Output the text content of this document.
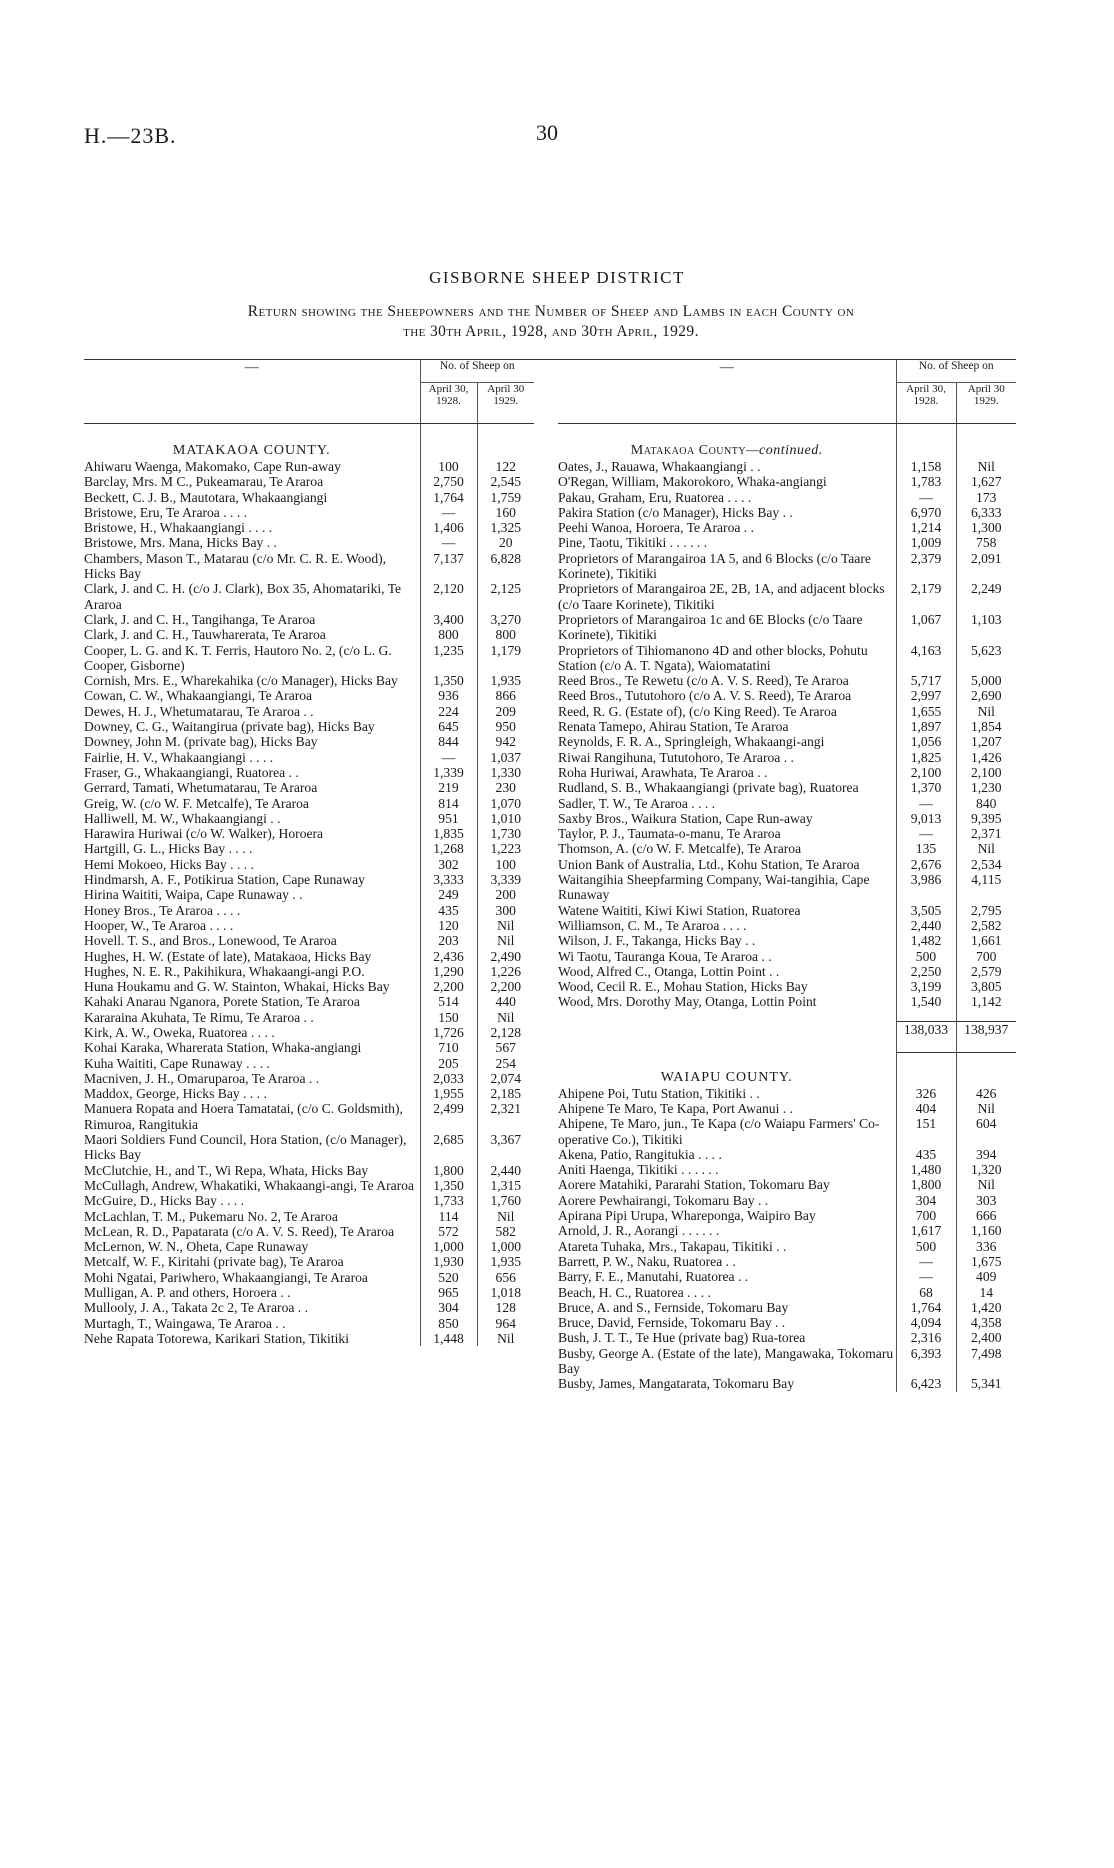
H.—23B.	30
GISBORNE SHEEP DISTRICT
Return showing the Sheepowners and the Number of Sheep and Lambs in each County on
the 30th April, 1928, and 30th April, 1929.
—	No. of Sheep on	
	April 30, 1928.	April 30 1929.
MATAKAOA COUNTY.		
Ahiwaru Waenga, Makomako, Cape Run-away	100	122
Barclay, Mrs. M C., Pukeamarau, Te Araroa	2,750	2,545
Beckett, C. J. B., Mautotara, Whakaangiangi	1,764	1,759
Bristowe, Eru, Te Araroa . . . .	—	160
Bristowe, H., Whakaangiangi . . . .	1,406	1,325
Bristowe, Mrs. Mana, Hicks Bay . .	—	20
Chambers, Mason T., Matarau (c/o Mr. C. R. E. Wood), Hicks Bay	7,137	6,828
Clark, J. and C. H. (c/o J. Clark), Box 35, Ahomatariki, Te Araroa	2,120	2,125
Clark, J. and C. H., Tangihanga, Te Araroa	3,400	3,270
Clark, J. and C. H., Tauwharerata, Te Araroa	800	800
Cooper, L. G. and K. T. Ferris, Hautoro No. 2, (c/o L. G. Cooper, Gisborne)	1,235	1,179
Cornish, Mrs. E., Wharekahika (c/o Manager), Hicks Bay	1,350	1,935
Cowan, C. W., Whakaangiangi, Te Araroa	936	866
Dewes, H. J., Whetumatarau, Te Araroa . .	224	209
Downey, C. G., Waitangirua (private bag), Hicks Bay	645	950
Downey, John M. (private bag), Hicks Bay	844	942
Fairlie, H. V., Whakaangiangi . . . .	—	1,037
Fraser, G., Whakaangiangi, Ruatorea . .	1,339	1,330
Gerrard, Tamati, Whetumatarau, Te Araroa	219	230
Greig, W. (c/o W. F. Metcalfe), Te Araroa	814	1,070
Halliwell, M. W., Whakaangiangi . .	951	1,010
Harawira Huriwai (c/o W. Walker), Horoera	1,835	1,730
Hartgill, G. L., Hicks Bay . . . .	1,268	1,223
Hemi Mokoeo, Hicks Bay . . . .	302	100
Hindmarsh, A. F., Potikirua Station, Cape Runaway	3,333	3,339
Hirina Waititi, Waipa, Cape Runaway . .	249	200
Honey Bros., Te Araroa . . . .	435	300
Hooper, W., Te Araroa . . . .	120	Nil
Hovell. T. S., and Bros., Lonewood, Te Araroa	203	Nil
Hughes, H. W. (Estate of late), Matakaoa, Hicks Bay	2,436	2,490
Hughes, N. E. R., Pakihikura, Whakaangi-angi P.O.	1,290	1,226
Huna Houkamu and G. W. Stainton, Whakai, Hicks Bay	2,200	2,200
Kahaki Anarau Nganora, Porete Station, Te Araroa	514	440
Kararaina Akuhata, Te Rimu, Te Araroa . .	150	Nil
Kirk, A. W., Oweka, Ruatorea . . . .	1,726	2,128
Kohai Karaka, Wharerata Station, Whaka-angiangi	710	567
Kuha Waititi, Cape Runaway . . . .	205	254
Macniven, J. H., Omaruparoa, Te Araroa . .	2,033	2,074
Maddox, George, Hicks Bay . . . .	1,955	2,185
Manuera Ropata and Hoera Tamatatai, (c/o C. Goldsmith), Rimuroa, Rangitukia	2,499	2,321
Maori Soldiers Fund Council, Hora Station, (c/o Manager), Hicks Bay	2,685	3,367
McClutchie, H., and T., Wi Repa, Whata, Hicks Bay	1,800	2,440
McCullagh, Andrew, Whakatiki, Whakaangi-angi, Te Araroa	1,350	1,315
McGuire, D., Hicks Bay . . . .	1,733	1,760
McLachlan, T. M., Pukemaru No. 2, Te Araroa	114	Nil
McLean, R. D., Papatarata (c/o A. V. S. Reed), Te Araroa	572	582
McLernon, W. N., Oheta, Cape Runaway	1,000	1,000
Metcalf, W. F., Kiritahi (private bag), Te Araroa	1,930	1,935
Mohi Ngatai, Pariwhero, Whakaangiangi, Te Araroa	520	656
Mulligan, A. P. and others, Horoera . .	965	1,018
Mullooly, J. A., Takata 2c 2, Te Araroa . .	304	128
Murtagh, T., Waingawa, Te Araroa . .	850	964
Nehe Rapata Totorewa, Karikari Station, Tikitiki	1,448	Nil
—	No. of Sheep on	
	April 30, 1928.	April 30 1929.
Matakaoa County—continued.		
Oates, J., Rauawa, Whakaangiangi . .	1,158	Nil
O'Regan, William, Makorokoro, Whaka-angiangi	1,783	1,627
Pakau, Graham, Eru, Ruatorea . . . .	—	173
Pakira Station (c/o Manager), Hicks Bay . .	6,970	6,333
Peehi Wanoa, Horoera, Te Araroa . .	1,214	1,300
Pine, Taotu, Tikitiki . . . . . .	1,009	758
Proprietors of Marangairoa 1A 5, and 6 Blocks (c/o Taare Korinete), Tikitiki	2,379	2,091
Proprietors of Marangairoa 2E, 2B, 1A, and adjacent blocks (c/o Taare Korinete), Tikitiki	2,179	2,249
Proprietors of Marangairoa 1c and 6E Blocks (c/o Taare Korinete), Tikitiki	1,067	1,103
Proprietors of Tihiomanono 4D and other blocks, Pohutu Station (c/o A. T. Ngata), Waiomatatini	4,163	5,623
Reed Bros., Te Rewetu (c/o A. V. S. Reed), Te Araroa	5,717	5,000
Reed Bros., Tututohoro (c/o A. V. S. Reed), Te Araroa	2,997	2,690
Reed, R. G. (Estate of), (c/o King Reed). Te Araroa	1,655	Nil
Renata Tamepo, Ahirau Station, Te Araroa	1,897	1,854
Reynolds, F. R. A., Springleigh, Whakaangi-angi	1,056	1,207
Riwai Rangihuna, Tututohoro, Te Araroa . .	1,825	1,426
Roha Huriwai, Arawhata, Te Araroa . .	2,100	2,100
Rudland, S. B., Whakaangiangi (private bag), Ruatorea	1,370	1,230
Sadler, T. W., Te Araroa . . . .	—	840
Saxby Bros., Waikura Station, Cape Run-away	9,013	9,395
Taylor, P. J., Taumata-o-manu, Te Araroa	—	2,371
Thomson, A. (c/o W. F. Metcalfe), Te Araroa	135	Nil
Union Bank of Australia, Ltd., Kohu Station, Te Araroa	2,676	2,534
Waitangihia Sheepfarming Company, Wai-tangihia, Cape Runaway	3,986	4,115
Watene Waititi, Kiwi Kiwi Station, Ruatorea	3,505	2,795
Williamson, C. M., Te Araroa . . . .	2,440	2,582
Wilson, J. F., Takanga, Hicks Bay . .	1,482	1,661
Wi Taotu, Tauranga Koua, Te Araroa . .	500	700
Wood, Alfred C., Otanga, Lottin Point . .	2,250	2,579
Wood, Cecil R. E., Mohau Station, Hicks Bay	3,199	3,805
Wood, Mrs. Dorothy May, Otanga, Lottin Point	1,540	1,142

	138,033	138,937
WAIAPU COUNTY.		
Ahipene Poi, Tutu Station, Tikitiki . .	326	426
Ahipene Te Maro, Te Kapa, Port Awanui . .	404	Nil
Ahipene, Te Maro, jun., Te Kapa (c/o Waiapu Farmers' Co-operative Co.), Tikitiki	151	604
Akena, Patio, Rangitukia . . . .	435	394
Aniti Haenga, Tikitiki . . . . . .	1,480	1,320
Aorere Matahiki, Pararahi Station, Tokomaru Bay	1,800	Nil
Aorere Pewhairangi, Tokomaru Bay . .	304	303
Apirana Pipi Urupa, Whareponga, Waipiro Bay	700	666
Arnold, J. R., Aorangi . . . . . .	1,617	1,160
Atareta Tuhaka, Mrs., Takapau, Tikitiki . .	500	336
Barrett, P. W., Naku, Ruatorea . .	—	1,675
Barry, F. E., Manutahi, Ruatorea . .	—	409
Beach, H. C., Ruatorea . . . .	68	14
Bruce, A. and S., Fernside, Tokomaru Bay	1,764	1,420
Bruce, David, Fernside, Tokomaru Bay . .	4,094	4,358
Bush, J. T. T., Te Hue (private bag) Rua-torea	2,316	2,400
Busby, George A. (Estate of the late), Mangawaka, Tokomaru Bay	6,393	7,498
Busby, James, Mangatarata, Tokomaru Bay	6,423	5,341
